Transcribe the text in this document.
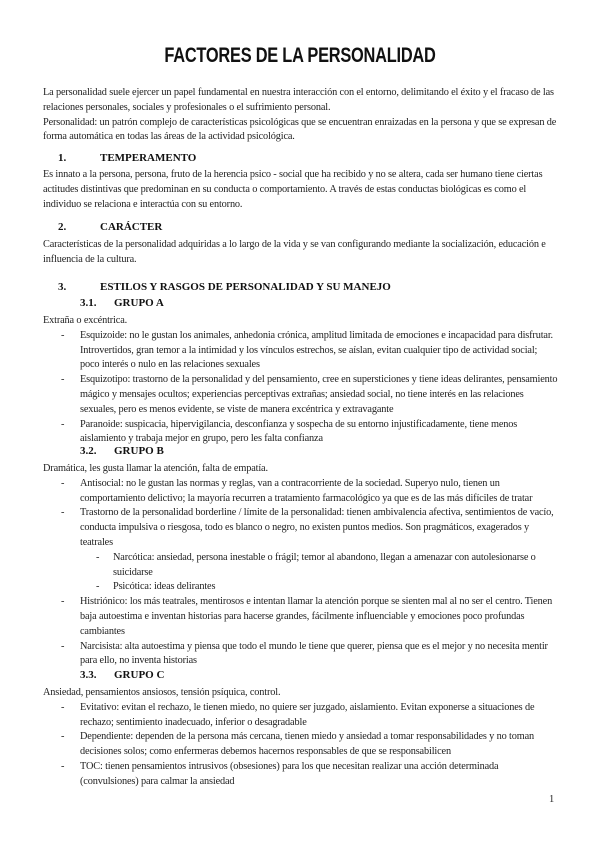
FACTORES DE LA PERSONALIDAD

La personalidad suele ejercer un papel fundamental en nuestra interacción con el entorno, delimitando el éxito y el fracaso de las relaciones personales, sociales y profesionales o el sufrimiento personal.

Personalidad: un patrón complejo de características psicológicas que se encuentran enraizadas en la persona y que se expresan de forma automática en todas las áreas de la actividad psicológica.

1.	TEMPERAMENTO
Es innato a la persona, persona, fruto de la herencia psico - social que ha recibido y no se altera, cada ser humano tiene ciertas actitudes distintivas que predominan en su conducta o comportamiento. A través de estas conductas biológicas es como el individuo se relaciona e interactúa con su entorno.
2.	CARÁCTER
Características de la personalidad adquiridas a lo largo de la vida y se van configurando mediante la socialización, educación e influencia de la cultura.
3.	ESTILOS Y RASGOS DE PERSONALIDAD Y SU MANEJO
3.1. GRUPO A

Extraña o excéntrica.

- Esquizoide: no le gustan los animales, anhedonia crónica, amplitud limitada de emociones e incapacidad para disfrutar. Introvertidos, gran temor a la intimidad y los vínculos estrechos, se aíslan, evitan cualquier tipo de actividad social; poco interés o nulo en las relaciones sexuales
- Esquizotipo: trastorno de la personalidad y del pensamiento, cree en supersticiones y tiene ideas delirantes, pensamiento mágico y mensajes ocultos; experiencias perceptivas extrañas; ansiedad social, no tiene interés en las relaciones sexuales, pero es menos evidente, se viste de manera excéntrica y extravagante
- Paranoide: suspicacia, hipervigilancia, desconfianza y sospecha de su entorno injustificadamente, tiene menos aislamiento y trabaja mejor en grupo, pero les falta confianza
3.2. GRUPO B

Dramática, les gusta llamar la atención, falta de empatía.

- Antisocial: no le gustan las normas y reglas, van a contracorriente de la sociedad. Superyo nulo, tienen un comportamiento delictivo; la mayoría recurren a tratamiento farmacológico ya que es de las más difíciles de tratar
- Trastorno de la personalidad borderline / límite de la personalidad: tienen ambivalencia afectiva, sentimientos de vacío, conducta impulsiva o riesgosa, todo es blanco o negro, no existen puntos medios. Son pragmáticos, exagerados y teatrales
- Narcótica: ansiedad, persona inestable o frágil; temor al abandono, llegan a amenazar con autolesionarse o suicidarse
- Psicótica: ideas delirantes
- Histriónico: los más teatrales, mentirosos e intentan llamar la atención porque se sienten mal al no ser el centro. Tienen baja autoestima e inventan historias para hacerse grandes, fácilmente influenciable y emociones poco profundas cambiantes
- Narcisista: alta autoestima y piensa que todo el mundo le tiene que querer, piensa que es el mejor y no necesita mentir para ello, no inventa historias
3.3. GRUPO C

Ansiedad, pensamientos ansiosos, tensión psíquica, control.

- Evitativo: evitan el rechazo, le tienen miedo, no quiere ser juzgado, aislamiento. Evitan exponerse a situaciones de rechazo; sentimiento inadecuado, inferior o desagradable
- Dependiente: dependen de la persona más cercana, tienen miedo y ansiedad a tomar responsabilidades y no toman decisiones solos; como enfermeras debemos hacernos responsables de que se responsabilicen
- TOC: tienen pensamientos intrusivos (obsesiones) para los que necesitan realizar una acción determinada (convulsiones) para calmar la ansiedad
1
